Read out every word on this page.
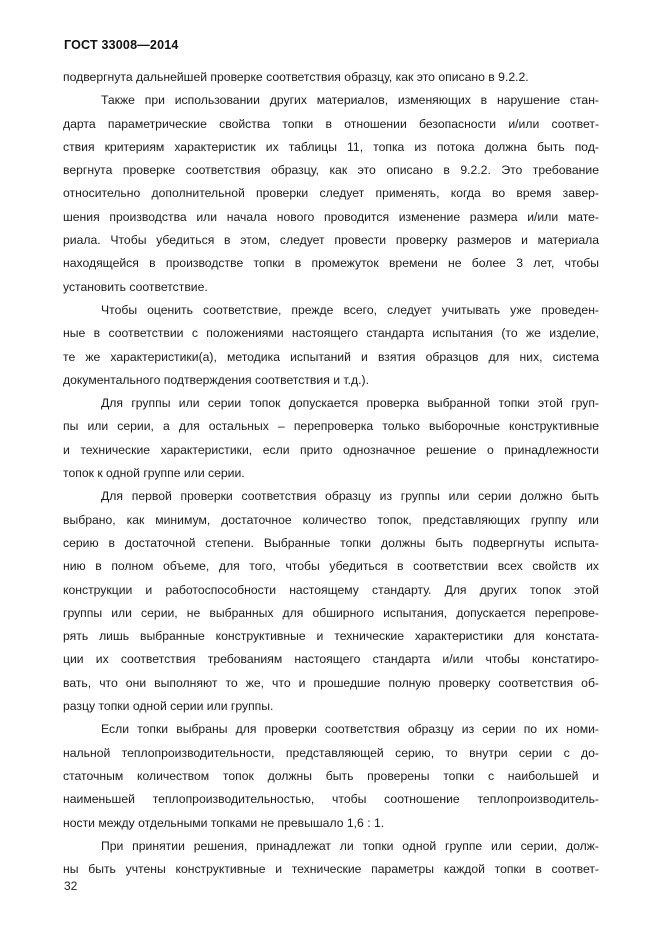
ГОСТ 33008—2014
подвергнута дальнейшей проверке соответствия образцу, как это описано в 9.2.2.
Также при использовании других материалов, изменяющих в нарушение стан-
дарта параметрические свойства топки в отношении безопасности и/или соответ-
ствия критериям характеристик их таблицы 11, топка из потока должна быть под-
вергнута проверке соответствия образцу, как это описано в 9.2.2. Это требование
относительно дополнительной проверки следует применять, когда во время завер-
шения производства или начала нового проводится изменение размера и/или мате-
риала. Чтобы убедиться в этом, следует провести проверку размеров и материала
находящейся в производстве топки в промежуток времени не более 3 лет, чтобы
установить соответствие.
Чтобы оценить соответствие, прежде всего, следует учитывать уже проведен-
ные в соответствии с положениями настоящего стандарта испытания (то же изделие,
те же характеристики(а), методика испытаний и взятия образцов для них, система
документального подтверждения соответствия и т.д.).
Для группы или серии топок допускается проверка выбранной топки этой груп-
пы или серии, а для остальных – перепроверка только выборочные конструктивные
и технические характеристики, если прито однозначное решение о принадлежности
топок к одной группе или серии.
Для первой проверки соответствия образцу из группы или серии должно быть
выбрано, как минимум, достаточное количество топок, представляющих группу или
серию в достаточной степени. Выбранные топки должны быть подвергнуты испыта-
нию в полном объеме, для того, чтобы убедиться в соответствии всех свойств их
конструкции и работоспособности настоящему стандарту. Для других топок этой
группы или серии, не выбранных для обширного испытания, допускается перепрове-
рять лишь выбранные конструктивные и технические характеристики для констата-
ции их соответствия требованиям настоящего стандарта и/или чтобы констатиро-
вать, что они выполняют то же, что и прошедшие полную проверку соответствия об-
разцу топки одной серии или группы.
Если топки выбраны для проверки соответствия образцу из серии по их номи-
нальной теплопроизводительности, представляющей серию, то внутри серии с до-
статочным количеством топок должны быть проверены топки с наибольшей и
наименьшей теплопроизводительностью, чтобы соотношение теплопроизводитель-
ности между отдельными топками не превышало 1,6 : 1.
При принятии решения, принадлежат ли топки одной группе или серии, долж-
ны быть учтены конструктивные и технические параметры каждой топки в соответ-
32
